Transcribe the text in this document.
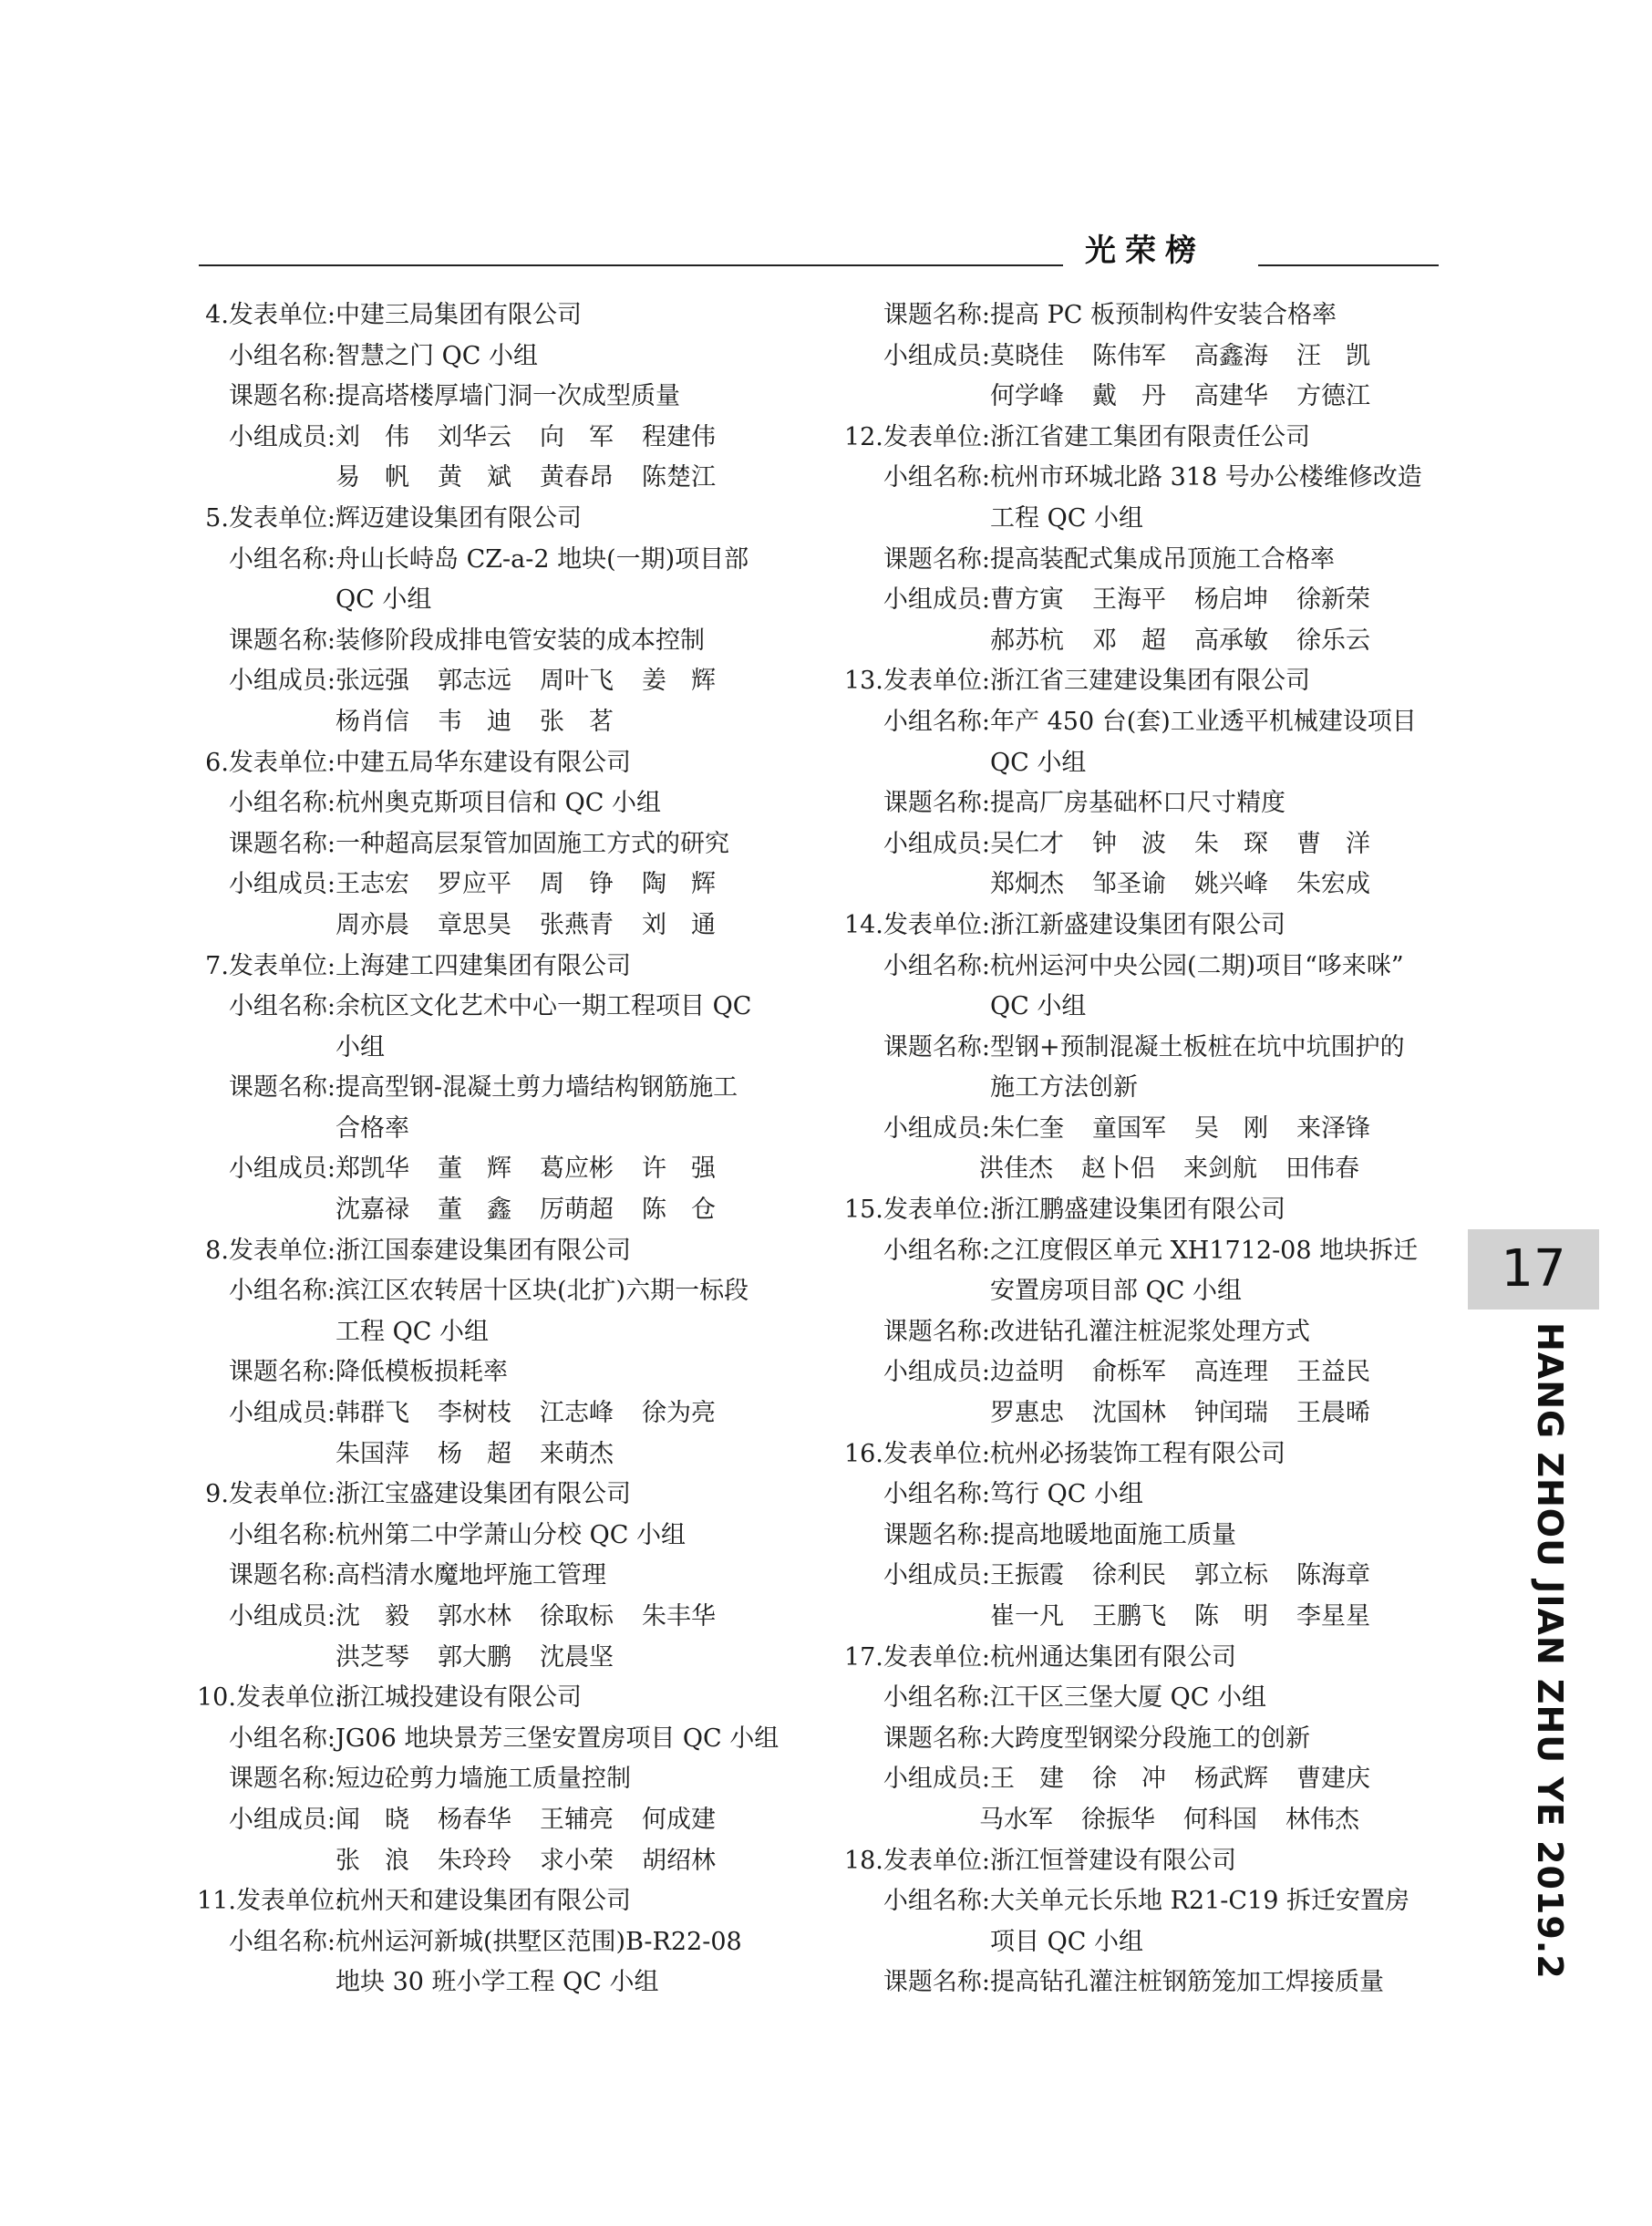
光荣榜
4.发表单位:中建三局集团有限公司
小组名称:智慧之门 QC 小组
课题名称:提高塔楼厚墙门洞一次成型质量
小组成员:刘　伟 刘华云 向　军 程建伟
易　帆 黄　斌 黄春昂 陈楚江
5.发表单位:辉迈建设集团有限公司
小组名称:舟山长峙岛 CZ-a-2 地块(一期)项目部
QC 小组
课题名称:装修阶段成排电管安装的成本控制
小组成员:张远强 郭志远 周叶飞 姜　辉
杨肖信 韦　迪 张　茗
6.发表单位:中建五局华东建设有限公司
小组名称:杭州奥克斯项目信和 QC 小组
课题名称:一种超高层泵管加固施工方式的研究
小组成员:王志宏 罗应平 周　铮 陶　辉
周亦晨 章思昊 张燕青 刘　通
7.发表单位:上海建工四建集团有限公司
小组名称:余杭区文化艺术中心一期工程项目 QC
小组
课题名称:提高型钢-混凝土剪力墙结构钢筋施工
合格率
小组成员:郑凯华 董　辉 葛应彬 许　强
沈嘉禄 董　鑫 厉萌超 陈　仓
8.发表单位:浙江国泰建设集团有限公司
小组名称:滨江区农转居十区块(北扩)六期一标段
工程 QC 小组
课题名称:降低模板损耗率
小组成员:韩群飞 李树枝 江志峰 徐为亮
朱国萍 杨　超 来萌杰
9.发表单位:浙江宝盛建设集团有限公司
小组名称:杭州第二中学萧山分校 QC 小组
课题名称:高档清水魔地坪施工管理
小组成员:沈　毅 郭水林 徐取标 朱丰华
洪芝琴 郭大鹏 沈晨坚
10.发表单位:浙江城投建设有限公司
小组名称:JG06 地块景芳三堡安置房项目 QC 小组
课题名称:短边砼剪力墙施工质量控制
小组成员:闻　晓 杨春华 王辅亮 何成建
张　浪 朱玲玲 求小荣 胡绍林
11.发表单位:杭州天和建设集团有限公司
小组名称:杭州运河新城(拱墅区范围)B-R22-08
地块 30 班小学工程 QC 小组
课题名称:提高 PC 板预制构件安装合格率
小组成员:莫晓佳 陈伟军 高鑫海 汪　凯
何学峰 戴　丹 高建华 方德江
12.发表单位:浙江省建工集团有限责任公司
小组名称:杭州市环城北路 318 号办公楼维修改造
工程 QC 小组
课题名称:提高装配式集成吊顶施工合格率
小组成员:曹方寅 王海平 杨启坤 徐新荣
郝苏杭 邓　超 高承敏 徐乐云
13.发表单位:浙江省三建建设集团有限公司
小组名称:年产 450 台(套)工业透平机械建设项目
QC 小组
课题名称:提高厂房基础杯口尺寸精度
小组成员:吴仁才 钟　波 朱　琛 曹　洋
郑炯杰 邹圣谕 姚兴峰 朱宏成
14.发表单位:浙江新盛建设集团有限公司
小组名称:杭州运河中央公园(二期)项目“哆来咪”
QC 小组
课题名称:型钢+预制混凝土板桩在坑中坑围护的
施工方法创新
小组成员:朱仁奎 童国军 吴　刚 来泽锋
洪佳杰 赵卜侣 来剑航 田伟春
15.发表单位:浙江鹏盛建设集团有限公司
小组名称:之江度假区单元 XH1712-08 地块拆迁
安置房项目部 QC 小组
课题名称:改进钻孔灌注桩泥浆处理方式
小组成员:边益明 俞栎军 高连理 王益民
罗惠忠 沈国林 钟闰瑞 王晨晞
16.发表单位:杭州必扬装饰工程有限公司
小组名称:笃行 QC 小组
课题名称:提高地暖地面施工质量
小组成员:王振霞 徐利民 郭立标 陈海章
崔一凡 王鹏飞 陈　明 李星星
17.发表单位:杭州通达集团有限公司
小组名称:江干区三堡大厦 QC 小组
课题名称:大跨度型钢梁分段施工的创新
小组成员:王　建 徐　冲 杨武辉 曹建庆
马水军 徐振华 何科国 林伟杰
18.发表单位:浙江恒誉建设有限公司
小组名称:大关单元长乐地 R21-C19 拆迁安置房
项目 QC 小组
课题名称:提高钻孔灌注桩钢筋笼加工焊接质量
17
HANG ZHOU JIAN ZHU YE 2019.2
